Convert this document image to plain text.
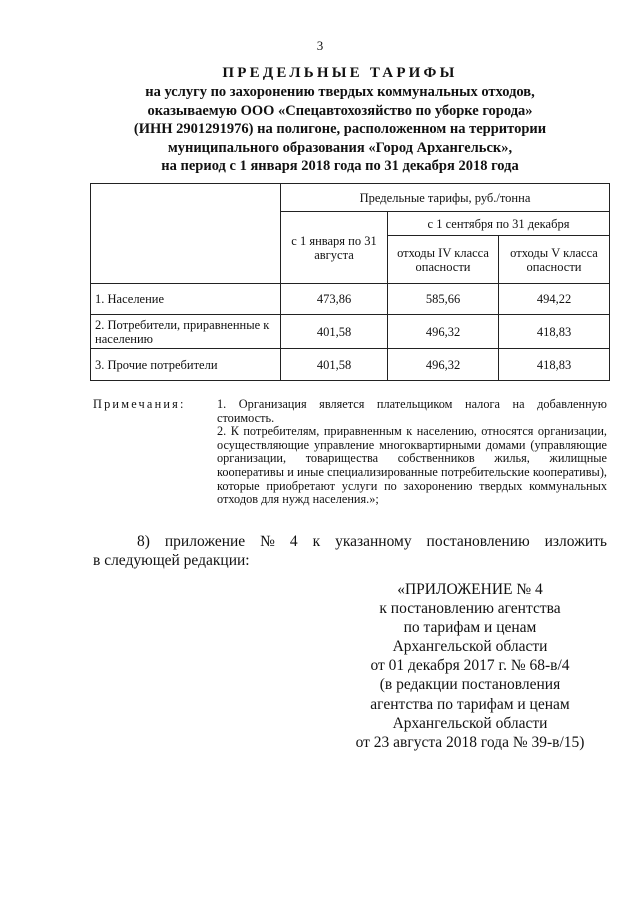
3
ПРЕДЕЛЬНЫЕ ТАРИФЫ
на услугу по захоронению твердых коммунальных отходов,
оказываемую ООО «Спецавтохозяйство по уборке города»
(ИНН 2901291976) на полигоне, расположенном на территории
муниципального образования «Город Архангельск»,
на период с 1 января 2018 года по 31 декабря 2018 года
	Предельные тарифы, руб./тонна		
	с 1 января по 31 августа	с 1 сентября по 31 декабря	
		отходы IV класса опасности	отходы V класса опасности
1. Население	473,86	585,66	494,22
2. Потребители, приравненные к населению	401,58	496,32	418,83
3. Прочие потребители	401,58	496,32	418,83
Примечания:	1. Организация является плательщиком налога на добавленную стоимость.

2. К потребителям, приравненным к населению, относятся организации, осуществляющие управление многоквартирными домами (управляющие организации, товарищества собственников жилья, жилищные кооперативы и иные специализированные потребительские кооперативы), которые приобретают услуги по захоронению твердых коммунальных отходов для нужд населения.»;

8) приложение № 4 к указанному постановлению изложить
в следующей редакции:
«ПРИЛОЖЕНИЕ № 4
к постановлению агентства
по тарифам и ценам
Архангельской области
от 01 декабря 2017 г. № 68-в/4
(в редакции постановления
агентства по тарифам и ценам
Архангельской области
от 23 августа 2018 года № 39-в/15)
